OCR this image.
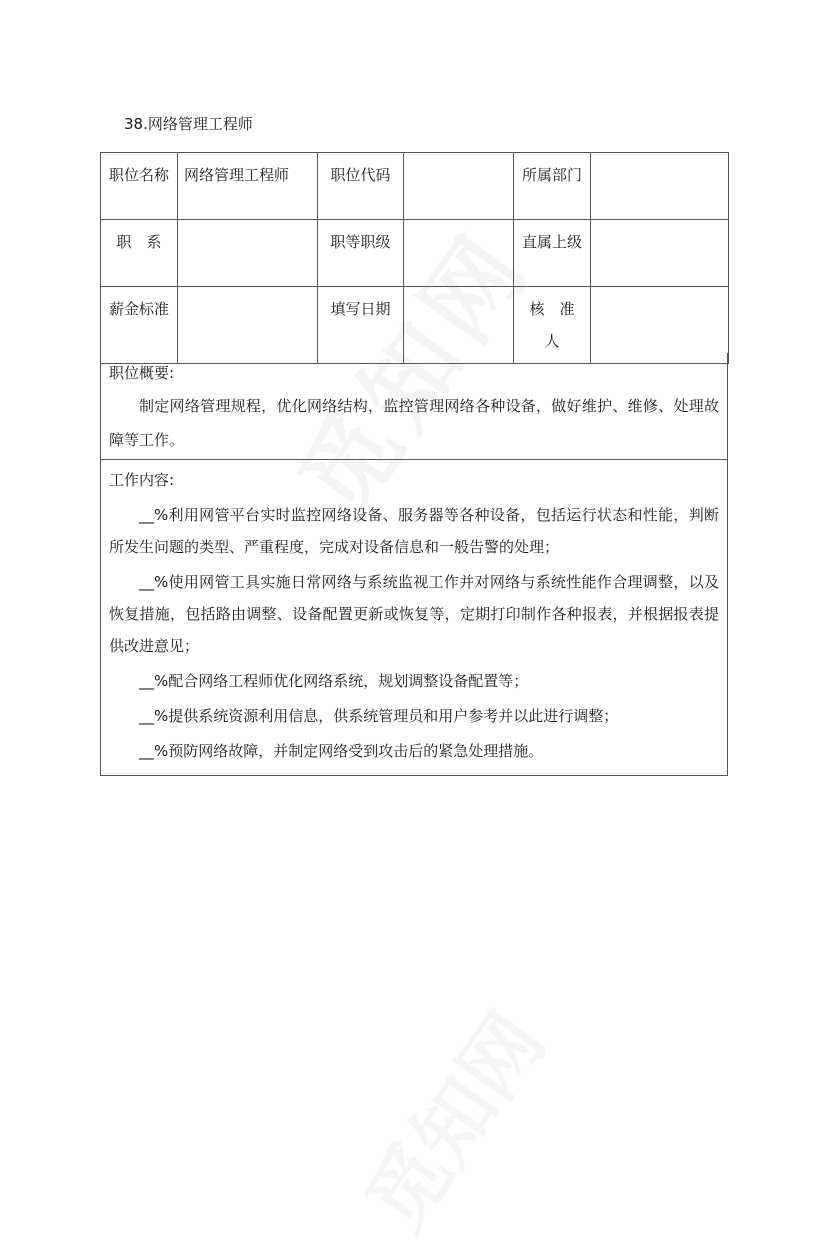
38.网络管理工程师
职位名称	网络管理工程师	职位代码		所属部门	
职　系		职等职级		直属上级	
薪金标准		填写日期		核　准　人	
职位概要:
制定网络管理规程，优化网络结构，监控管理网络各种设备，做好维护、维修、处理故障等工作。
工作内容:
__%利用网管平台实时监控网络设备、服务器等各种设备，包括运行状态和性能，判断所发生问题的类型、严重程度，完成对设备信息和一般告警的处理；
__%使用网管工具实施日常网络与系统监视工作并对网络与系统性能作合理调整，以及恢复措施，包括路由调整、设备配置更新或恢复等，定期打印制作各种报表，并根据报表提供改进意见；
__%配合网络工程师优化网络系统，规划调整设备配置等；
__%提供系统资源利用信息，供系统管理员和用户参考并以此进行调整；
__%预防网络故障，并制定网络受到攻击后的紧急处理措施。
